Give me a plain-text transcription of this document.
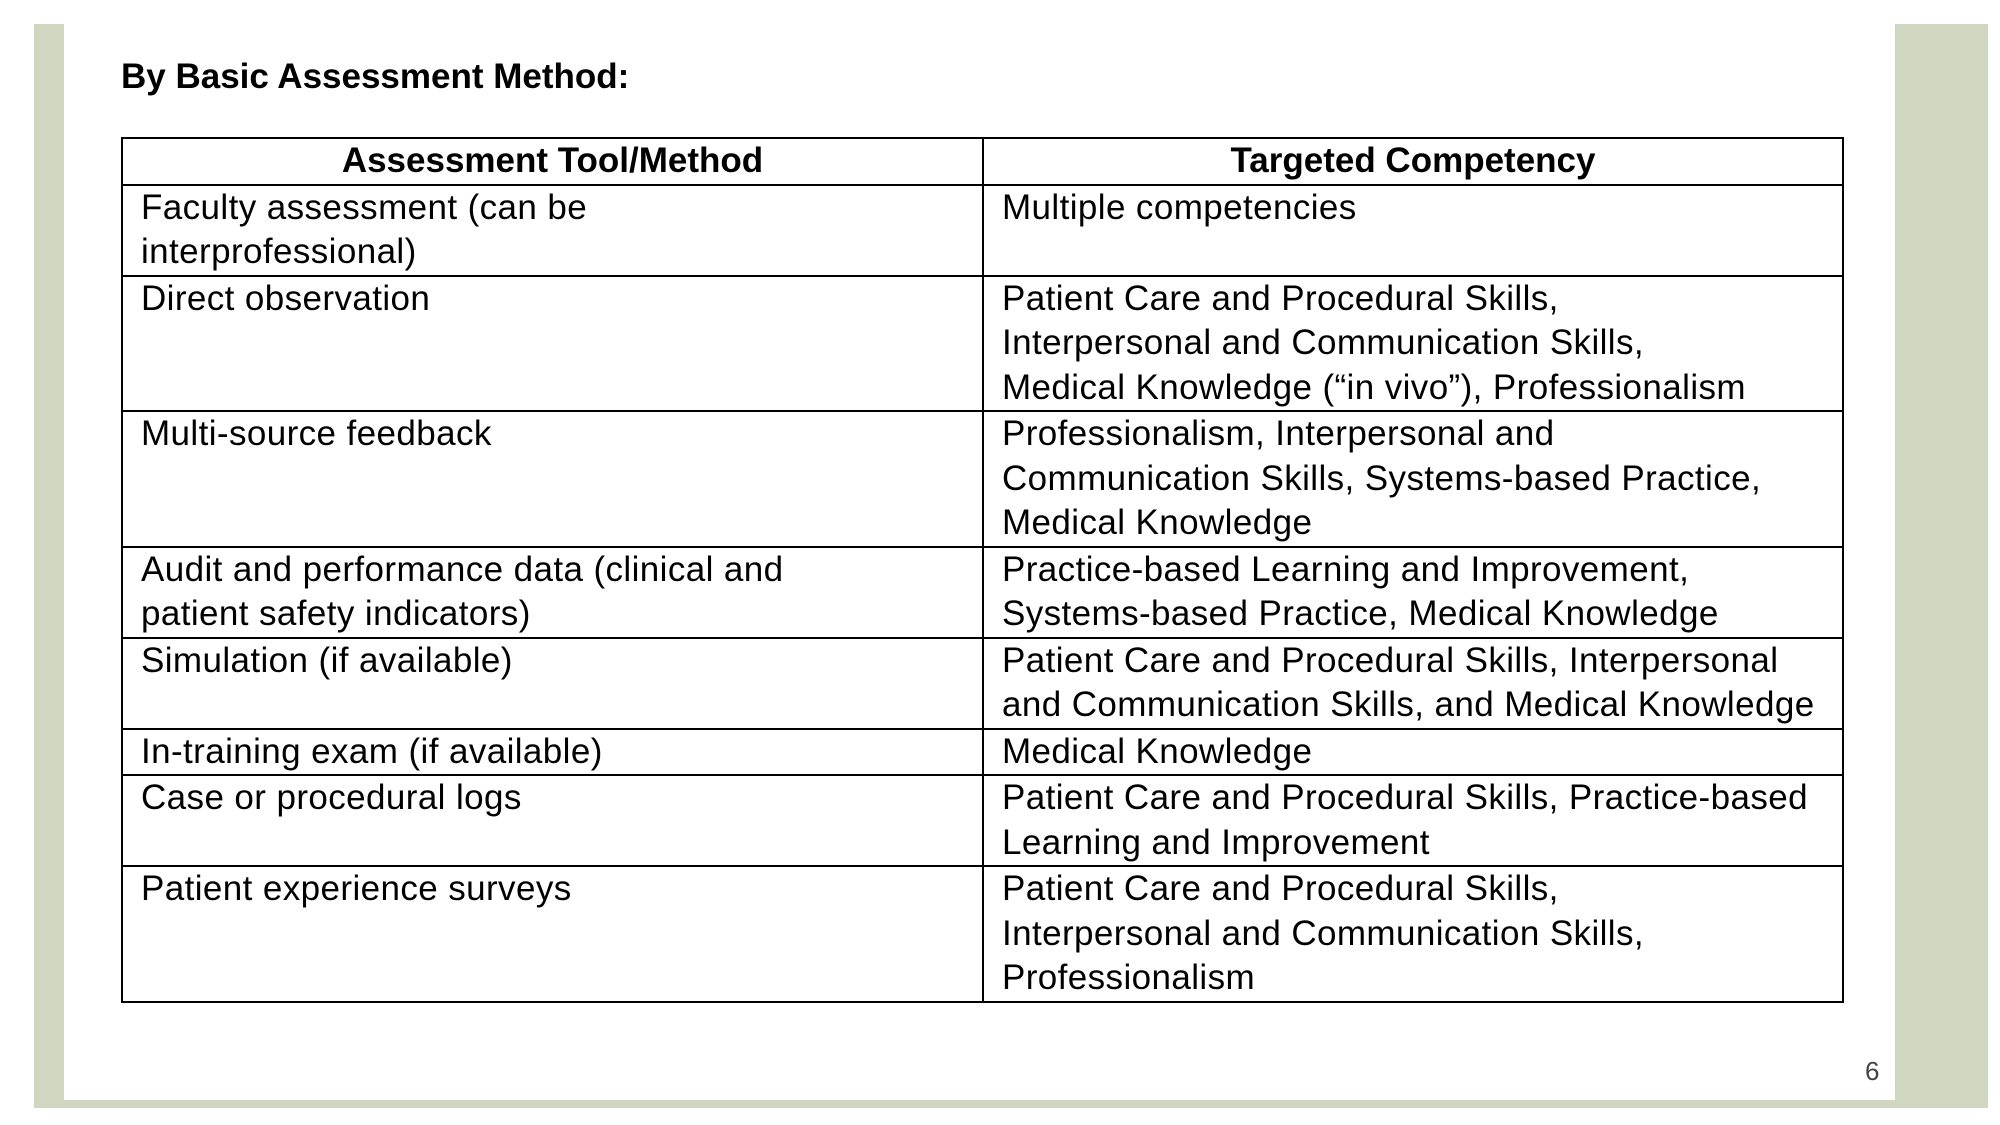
By Basic Assessment Method:
Assessment Tool/Method	Targeted Competency
Faculty assessment (can be interprofessional)	Multiple competencies
Direct observation	Patient Care and Procedural Skills, Interpersonal and Communication Skills, Medical Knowledge (“in vivo”), Professionalism
Multi-source feedback	Professionalism, Interpersonal and Communication Skills, Systems-based Practice, Medical Knowledge
Audit and performance data (clinical and patient safety indicators)	Practice-based Learning and Improvement, Systems-based Practice, Medical Knowledge
Simulation (if available)	Patient Care and Procedural Skills, Interpersonal and Communication Skills, and Medical Knowledge
In-training exam (if available)	Medical Knowledge
Case or procedural logs	Patient Care and Procedural Skills, Practice-based Learning and Improvement
Patient experience surveys	Patient Care and Procedural Skills, Interpersonal and Communication Skills, Professionalism
6
